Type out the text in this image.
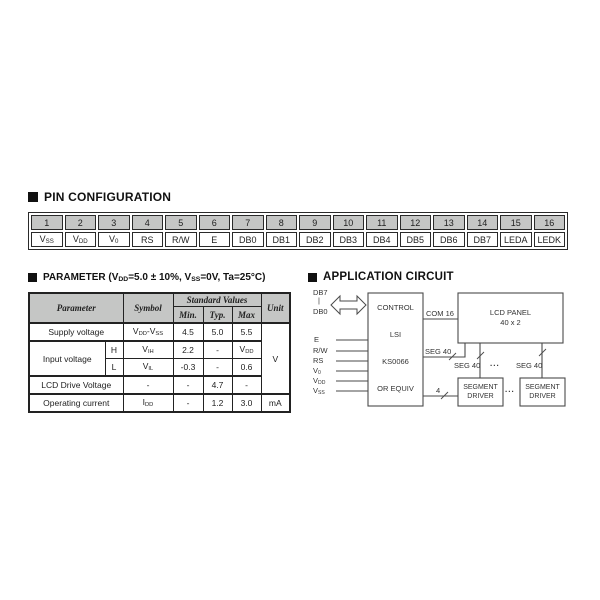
PIN CONFIGURATION
1	2	3	4	5	6	7	8	9	10	11	12	13	14	15	16
$V_{SS}$	$V_{DD}$	$V_0$	RS	R/W	E	DB0	DB1	DB2	DB3	DB4	DB5	DB6	DB7	LEDA	LEDK
PARAMETER ($V_{DD}=5.0 \pm 10\%$, $V_{SS}=0V$, Ta=25°C)
Parameter		Symbol	Standard Values			Unit
			Min.	Typ.	Max	
Supply voltage		$V_{DD}-V_{SS}$	4.5	5.0	5.5	V
Input voltage	H	$V_{IH}$	2.2	-	$V_{DD}$
	L	$V_{IL}$	-0.3	-	0.6	
LCD Drive Voltage		-	-	4.7	-	
Operating current		$I_{DD}$	-	1.2	3.0	mA
APPLICATION CIRCUIT
DB7
|
DB0
E
R/W
RS
$V_0$
$V_{DD}$
$V_{SS}$
COM 16
SEG 40
4
SEG 40 ... SEG 40
...
CONTROL
LSI
KS0066
OR EQUIV
LCD PANEL
40 x 2
SEGMENT
DRIVER
SEGMENT
DRIVER
